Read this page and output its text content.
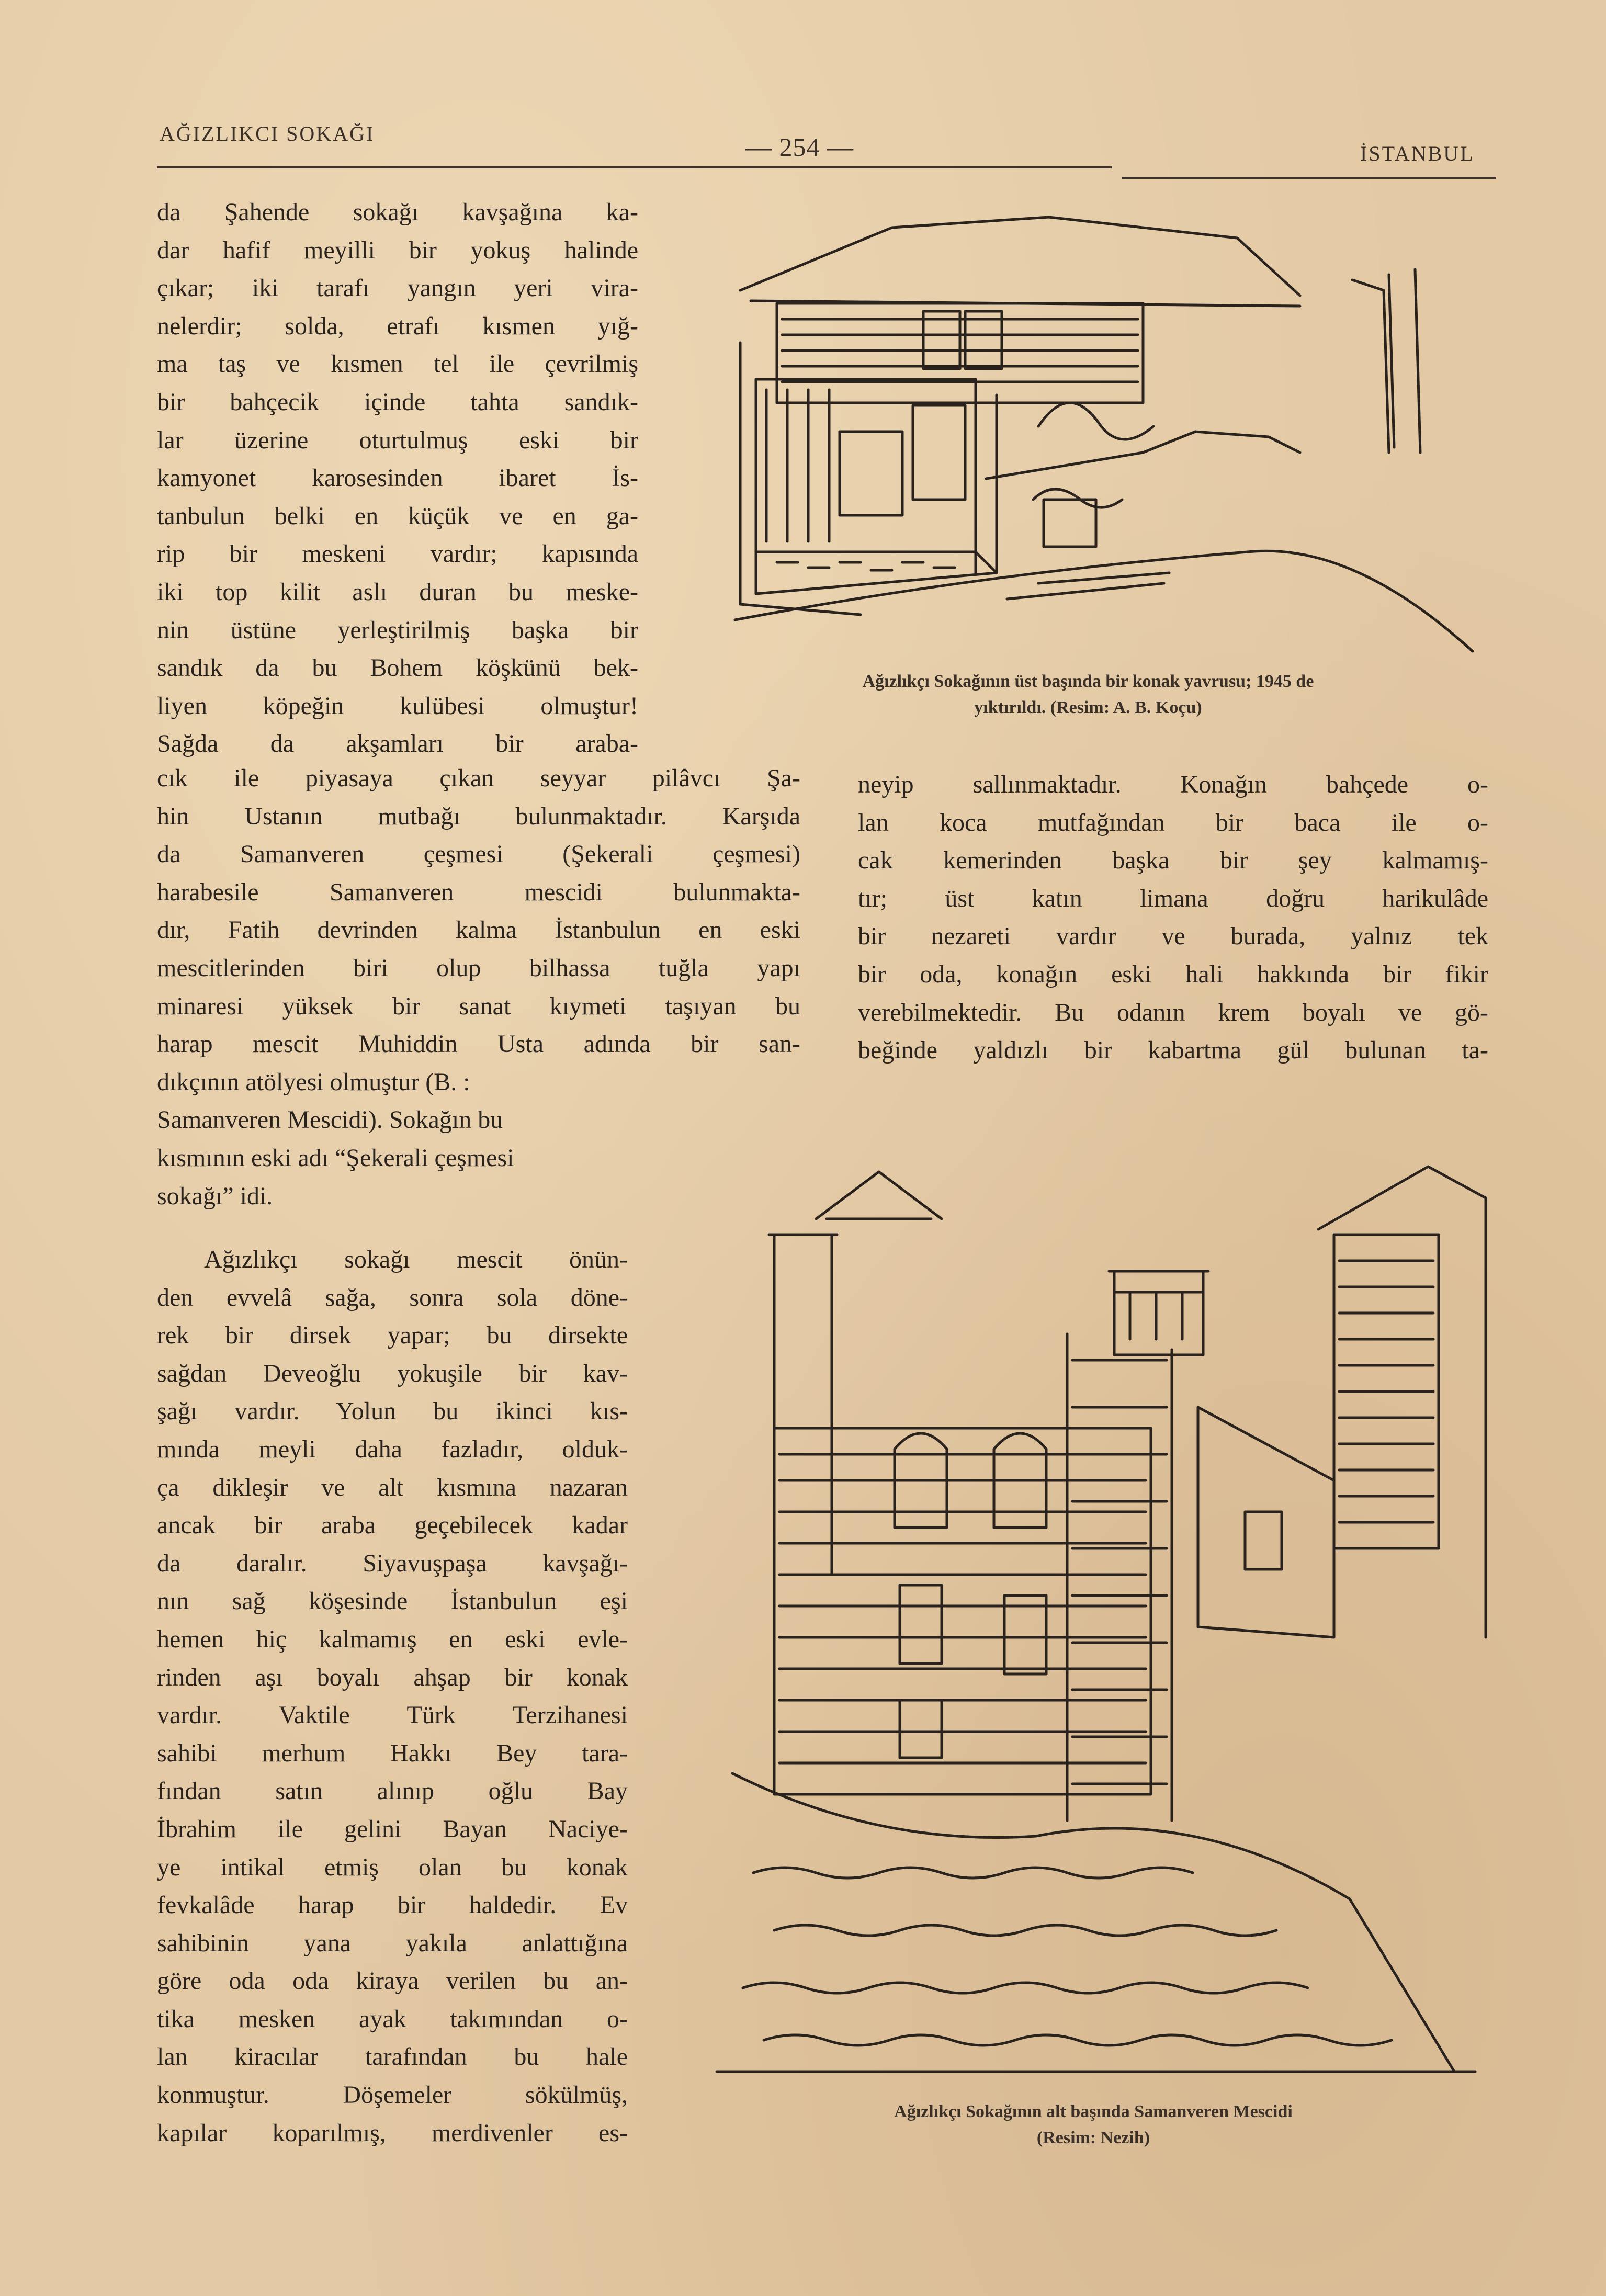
AĞIZLIKCI SOKAĞI	— 254 —	İSTANBUL

da Şahende sokağı kavşağına ka-

dar hafif meyilli bir yokuş halinde

çıkar; iki tarafı yangın yeri vira-

nelerdir; solda, etrafı kısmen yığ-

ma taş ve kısmen tel ile çevrilmiş

bir bahçecik içinde tahta sandık-

lar üzerine oturtulmuş eski bir

kamyonet karosesinden ibaret İs-

tanbulun belki en küçük ve en ga-

rip bir meskeni vardır; kapısında

iki top kilit aslı duran bu meske-

nin üstüne yerleştirilmiş başka bir

sandık da bu Bohem köşkünü bek-

liyen köpeğin kulübesi olmuştur!

Sağda da akşamları bir araba-

Ağızlıkçı Sokağının üst başında bir konak yavrusu; 1945 de
yıktırıldı. (Resim: A. B. Koçu)

cık ile piyasaya çıkan seyyar pilâvcı Şa-

hin Ustanın mutbağı bulunmaktadır. Karşıda

da Samanveren çeşmesi (Şekerali çeşmesi)

harabesile Samanveren mescidi bulunmakta-

dır, Fatih devrinden kalma İstanbulun en eski

mescitlerinden biri olup bilhassa tuğla yapı

minaresi yüksek bir sanat kıymeti taşıyan bu

harap mescit Muhiddin Usta adında bir san-

dıkçının atölyesi olmuştur (B. :

Samanveren Mescidi). Sokağın bu

kısmının eski adı “Şekerali çeşmesi

sokağı” idi.

Ağızlıkçı sokağı mescit önün-

den evvelâ sağa, sonra sola döne-

rek bir dirsek yapar; bu dirsekte

sağdan Deveoğlu yokuşile bir kav-

şağı vardır. Yolun bu ikinci kıs-

mında meyli daha fazladır, olduk-

ça dikleşir ve alt kısmına nazaran

ancak bir araba geçebilecek kadar

da daralır. Siyavuşpaşa kavşağı-

nın sağ köşesinde İstanbulun eşi

hemen hiç kalmamış en eski evle-

rinden aşı boyalı ahşap bir konak

vardır. Vaktile Türk Terzihanesi

sahibi merhum Hakkı Bey tara-

fından satın alınıp oğlu Bay

İbrahim ile gelini Bayan Naciye-

ye intikal etmiş olan bu konak

fevkalâde harap bir haldedir. Ev

sahibinin yana yakıla anlattığına

göre oda oda kiraya verilen bu an-

tika mesken ayak takımından o-

lan kiracılar tarafından bu hale

konmuştur. Döşemeler sökülmüş,

kapılar koparılmış, merdivenler es-

neyip sallınmaktadır. Konağın bahçede o-

lan koca mutfağından bir baca ile o-

cak kemerinden başka bir şey kalmamış-

tır; üst katın limana doğru harikulâde

bir nezareti vardır ve burada, yalnız tek

bir oda, konağın eski hali hakkında bir fikir

verebilmektedir. Bu odanın krem boyalı ve gö-

beğinde yaldızlı bir kabartma gül bulunan ta-

Ağızlıkçı Sokağının alt başında Samanveren Mescidi
(Resim: Nezih)
